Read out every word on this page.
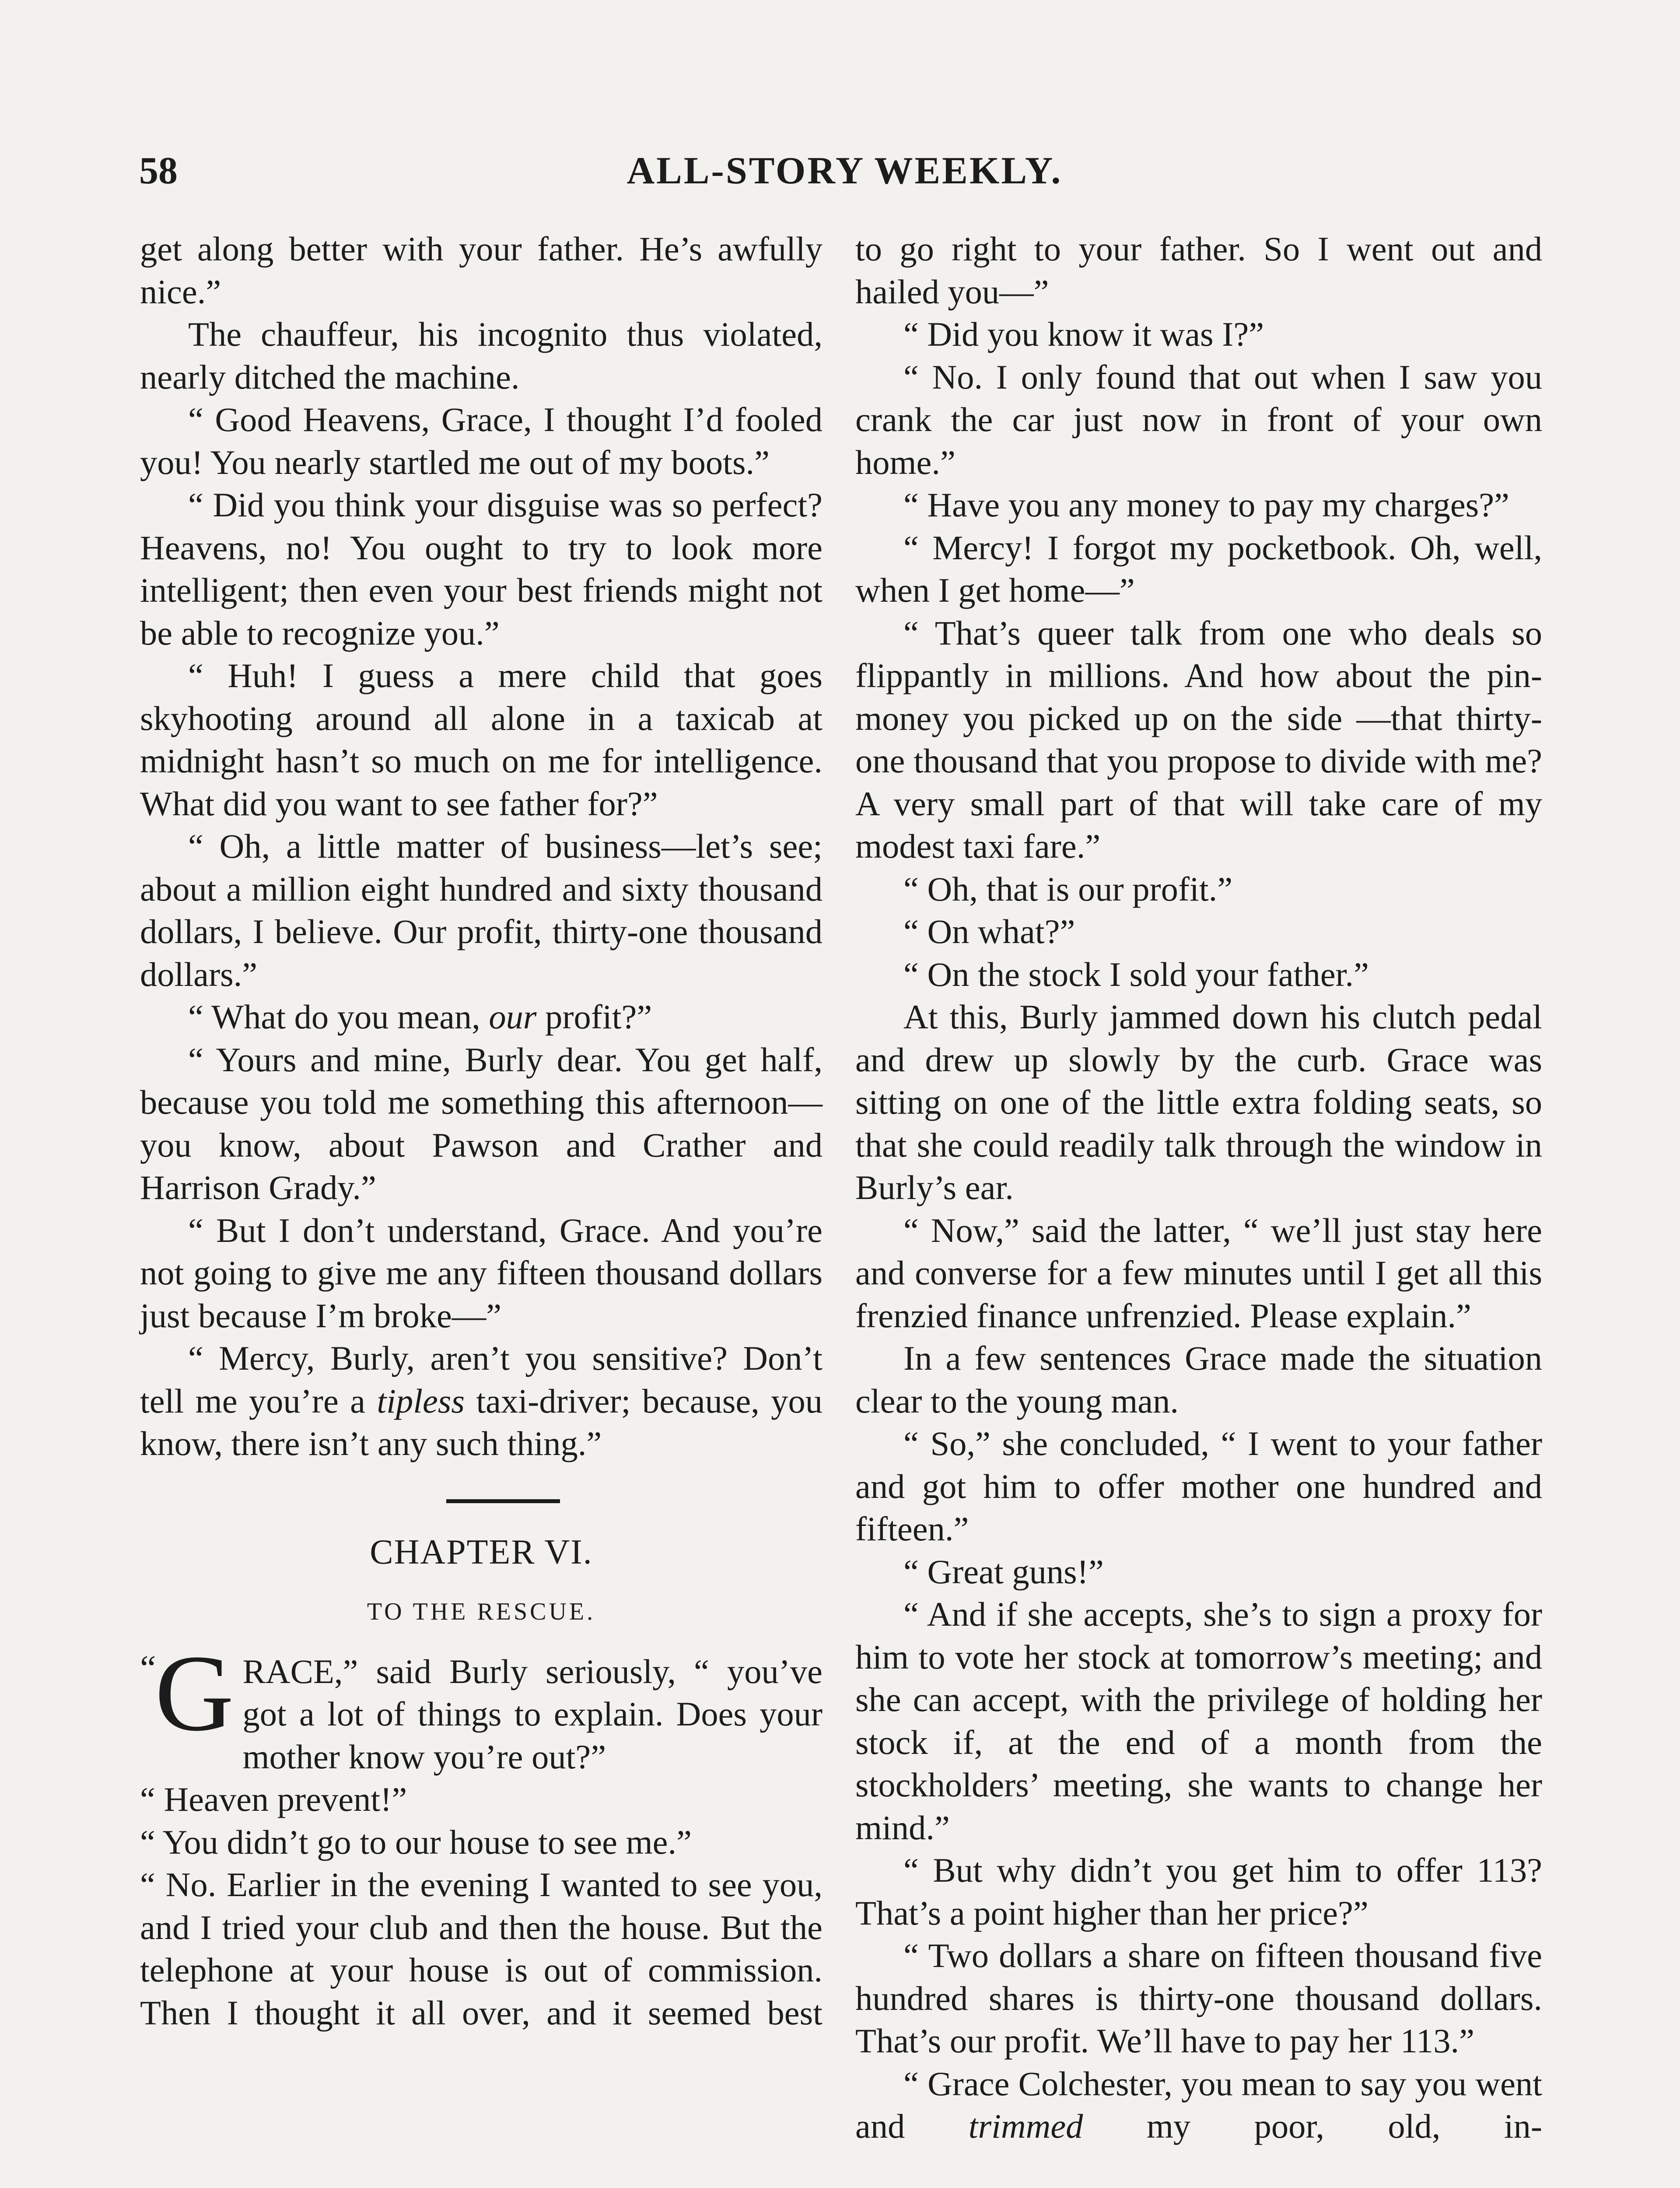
58	ALL-STORY WEEKLY.

get along better with your father. He’s awfully nice.”

The chauffeur, his incognito thus violated, nearly ditched the machine.

“ Good Heavens, Grace, I thought I’d fooled you! You nearly startled me out of my boots.”

“ Did you think your disguise was so perfect? Heavens, no! You ought to try to look more intelligent; then even your best friends might not be able to recognize you.”

“ Huh! I guess a mere child that goes skyhooting around all alone in a taxicab at midnight hasn’t so much on me for intelligence. What did you want to see father for?”

“ Oh, a little matter of business—let’s see; about a million eight hundred and sixty thousand dollars, I believe. Our profit, thirty-one thousand dollars.”

“ What do you mean, our profit?”

“ Yours and mine, Burly dear. You get half, because you told me something this afternoon—you know, about Pawson and Crather and Harrison Grady.”

“ But I don’t understand, Grace. And you’re not going to give me any fifteen thousand dollars just because I’m broke—”

“ Mercy, Burly, aren’t you sensitive? Don’t tell me you’re a tipless taxi-driver; because, you know, there isn’t any such thing.”

CHAPTER VI.
TO THE RESCUE.
“
G RACE,” said Burly seriously, “ you’ve got a lot of things to explain. Does your mother know you’re out?”

“ Heaven prevent!”

“ You didn’t go to our house to see me.”

“ No. Earlier in the evening I wanted to see you, and I tried your club and then the house. But the telephone at your house is out of commission. Then I thought it all over, and it seemed best

to go right to your father. So I went out and hailed you—”

“ Did you know it was I?”

“ No. I only found that out when I saw you crank the car just now in front of your own home.”

“ Have you any money to pay my charges?”

“ Mercy! I forgot my pocketbook. Oh, well, when I get home—”

“ That’s queer talk from one who deals so flippantly in millions. And how about the pin-money you picked up on the side —that thirty-one thousand that you propose to divide with me? A very small part of that will take care of my modest taxi fare.”

“ Oh, that is our profit.”

“ On what?”

“ On the stock I sold your father.”

At this, Burly jammed down his clutch pedal and drew up slowly by the curb. Grace was sitting on one of the little extra folding seats, so that she could readily talk through the window in Burly’s ear.

“ Now,” said the latter, “ we’ll just stay here and converse for a few minutes until I get all this frenzied finance unfrenzied. Please explain.”

In a few sentences Grace made the situation clear to the young man.

“ So,” she concluded, “ I went to your father and got him to offer mother one hundred and fifteen.”

“ Great guns!”

“ And if she accepts, she’s to sign a proxy for him to vote her stock at tomorrow’s meeting; and she can accept, with the privilege of holding her stock if, at the end of a month from the stockholders’ meeting, she wants to change her mind.”

“ But why didn’t you get him to offer 113? That’s a point higher than her price?”

“ Two dollars a share on fifteen thousand five hundred shares is thirty-one thousand dollars. That’s our profit. We’ll have to pay her 113.”

“ Grace Colchester, you mean to say you went and trimmed my poor, old, in-
